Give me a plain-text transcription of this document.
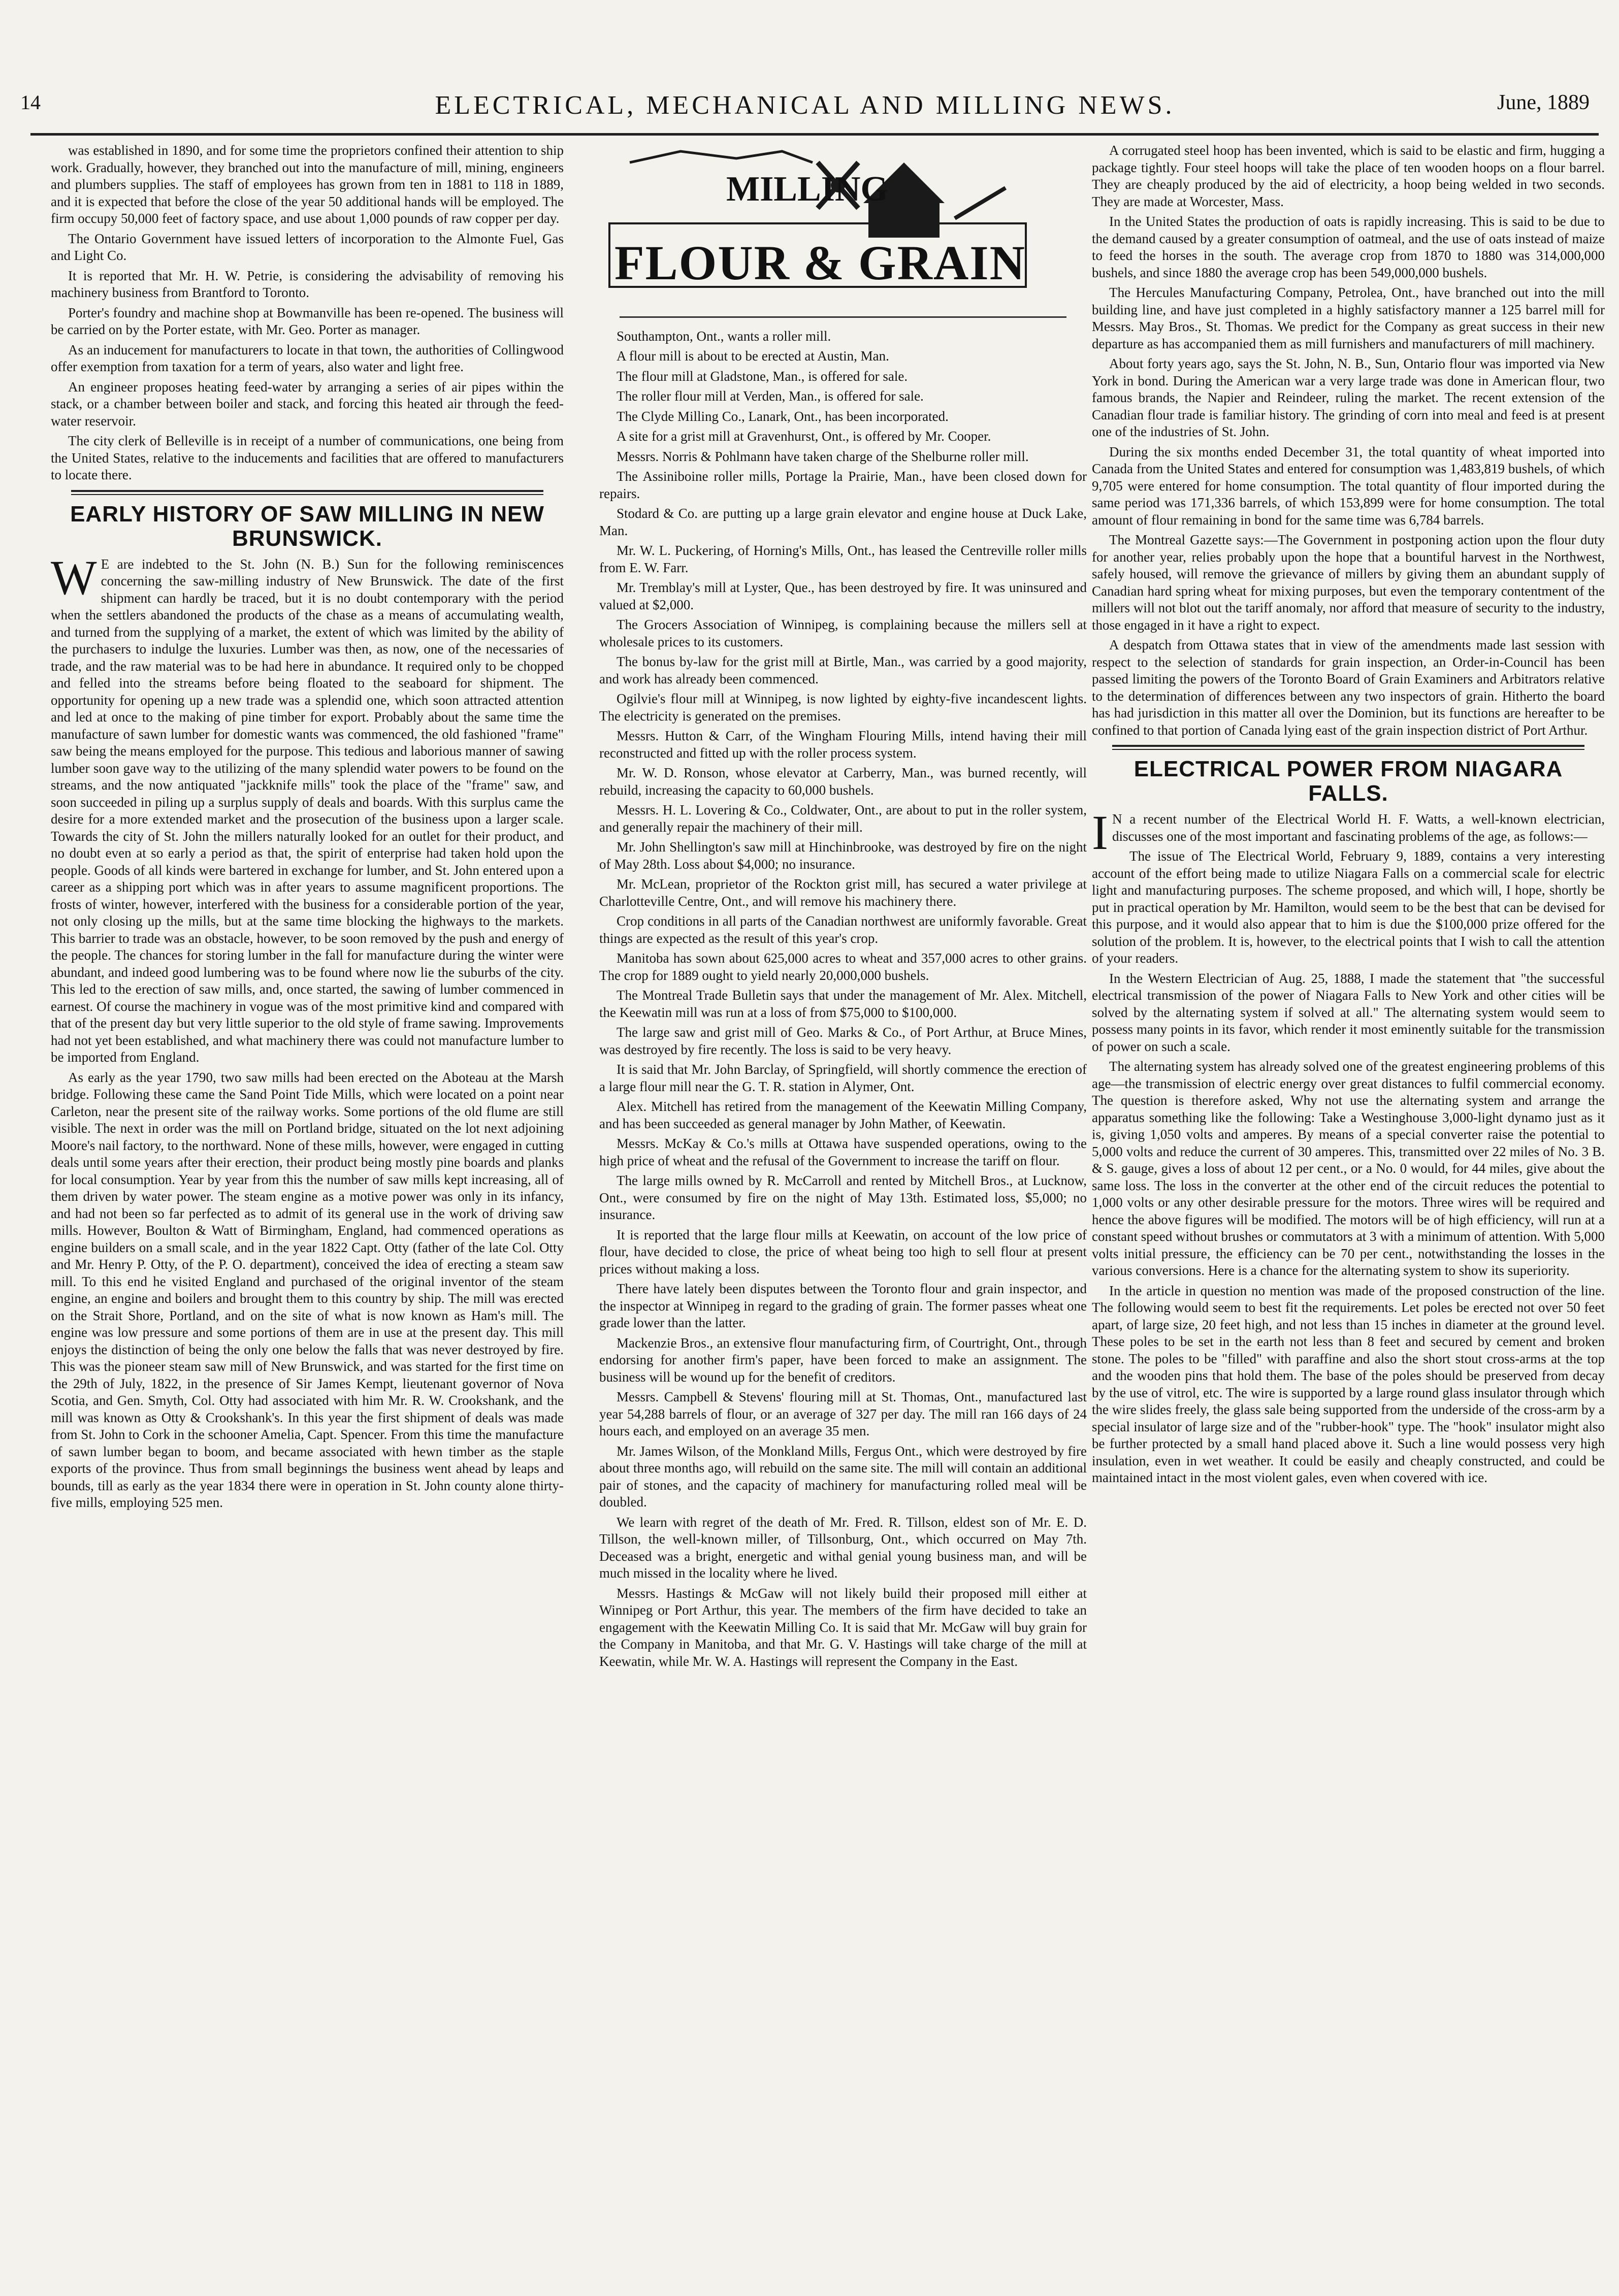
14	ELECTRICAL, MECHANICAL AND MILLING NEWS.	June, 1889

was established in 1890, and for some time the proprietors confined their attention to ship work. Gradually, however, they branched out into the manufacture of mill, mining, engineers and plumbers supplies. The staff of employees has grown from ten in 1881 to 118 in 1889, and it is expected that before the close of the year 50 additional hands will be employed. The firm occupy 50,000 feet of factory space, and use about 1,000 pounds of raw copper per day.

The Ontario Government have issued letters of incorporation to the Almonte Fuel, Gas and Light Co.

It is reported that Mr. H. W. Petrie, is considering the advisability of removing his machinery business from Brantford to Toronto.

Porter's foundry and machine shop at Bowmanville has been re-opened. The business will be carried on by the Porter estate, with Mr. Geo. Porter as manager.

As an inducement for manufacturers to locate in that town, the authorities of Collingwood offer exemption from taxation for a term of years, also water and light free.

An engineer proposes heating feed-water by arranging a series of air pipes within the stack, or a chamber between boiler and stack, and forcing this heated air through the feed-water reservoir.

The city clerk of Belleville is in receipt of a number of communications, one being from the United States, relative to the inducements and facilities that are offered to manufacturers to locate there.

EARLY HISTORY OF SAW MILLING IN NEW BRUNSWICK.

W E are indebted to the St. John (N. B.) Sun for the following reminiscences concerning the saw-milling industry of New Brunswick. The date of the first shipment can hardly be traced, but it is no doubt contemporary with the period when the settlers abandoned the products of the chase as a means of accumulating wealth, and turned from the supplying of a market, the extent of which was limited by the ability of the purchasers to indulge the luxuries. Lumber was then, as now, one of the necessaries of trade, and the raw material was to be had here in abundance. It required only to be chopped and felled into the streams before being floated to the seaboard for shipment. The opportunity for opening up a new trade was a splendid one, which soon attracted attention and led at once to the making of pine timber for export. Probably about the same time the manufacture of sawn lumber for domestic wants was commenced, the old fashioned "frame" saw being the means employed for the purpose. This tedious and laborious manner of sawing lumber soon gave way to the utilizing of the many splendid water powers to be found on the streams, and the now antiquated "jackknife mills" took the place of the "frame" saw, and soon succeeded in piling up a surplus supply of deals and boards. With this surplus came the desire for a more extended market and the prosecution of the business upon a larger scale. Towards the city of St. John the millers naturally looked for an outlet for their product, and no doubt even at so early a period as that, the spirit of enterprise had taken hold upon the people. Goods of all kinds were bartered in exchange for lumber, and St. John entered upon a career as a shipping port which was in after years to assume magnificent proportions. The frosts of winter, however, interfered with the business for a considerable portion of the year, not only closing up the mills, but at the same time blocking the highways to the markets. This barrier to trade was an obstacle, however, to be soon removed by the push and energy of the people. The chances for storing lumber in the fall for manufacture during the winter were abundant, and indeed good lumbering was to be found where now lie the suburbs of the city. This led to the erection of saw mills, and, once started, the sawing of lumber commenced in earnest. Of course the machinery in vogue was of the most primitive kind and compared with that of the present day but very little superior to the old style of frame sawing. Improvements had not yet been established, and what machinery there was could not manufacture lumber to be imported from England.

As early as the year 1790, two saw mills had been erected on the Aboteau at the Marsh bridge. Following these came the Sand Point Tide Mills, which were located on a point near Carleton, near the present site of the railway works. Some portions of the old flume are still visible. The next in order was the mill on Portland bridge, situated on the lot next adjoining Moore's nail factory, to the northward. None of these mills, however, were engaged in cutting deals until some years after their erection, their product being mostly pine boards and planks for local consumption. Year by year from this the number of saw mills kept increasing, all of them driven by water power. The steam engine as a motive power was only in its infancy, and had not been so far perfected as to admit of its general use in the work of driving saw mills. However, Boulton & Watt of Birmingham, England, had commenced operations as engine builders on a small scale, and in the year 1822 Capt. Otty (father of the late Col. Otty and Mr. Henry P. Otty, of the P. O. department), conceived the idea of erecting a steam saw mill. To this end he visited England and purchased of the original inventor of the steam engine, an engine and boilers and brought them to this country by ship. The mill was erected on the Strait Shore, Portland, and on the site of what is now known as Ham's mill. The engine was low pressure and some portions of them are in use at the present day. This mill enjoys the distinction of being the only one below the falls that was never destroyed by fire. This was the pioneer steam saw mill of New Brunswick, and was started for the first time on the 29th of July, 1822, in the presence of Sir James Kempt, lieutenant governor of Nova Scotia, and Gen. Smyth, Col. Otty had associated with him Mr. R. W. Crookshank, and the mill was known as Otty & Crookshank's. In this year the first shipment of deals was made from St. John to Cork in the schooner Amelia, Capt. Spencer. From this time the manufacture of sawn lumber began to boom, and became associated with hewn timber as the staple exports of the province. Thus from small beginnings the business went ahead by leaps and bounds, till as early as the year 1834 there were in operation in St. John county alone thirty-five mills, employing 525 men.

MILLING
FLOUR & GRAIN

Southampton, Ont., wants a roller mill.

A flour mill is about to be erected at Austin, Man.

The flour mill at Gladstone, Man., is offered for sale.

The roller flour mill at Verden, Man., is offered for sale.

The Clyde Milling Co., Lanark, Ont., has been incorporated.

A site for a grist mill at Gravenhurst, Ont., is offered by Mr. Cooper.

Messrs. Norris & Pohlmann have taken charge of the Shelburne roller mill.

The Assiniboine roller mills, Portage la Prairie, Man., have been closed down for repairs.

Stodard & Co. are putting up a large grain elevator and engine house at Duck Lake, Man.

Mr. W. L. Puckering, of Horning's Mills, Ont., has leased the Centreville roller mills from E. W. Farr.

Mr. Tremblay's mill at Lyster, Que., has been destroyed by fire. It was uninsured and valued at $2,000.

The Grocers Association of Winnipeg, is complaining because the millers sell at wholesale prices to its customers.

The bonus by-law for the grist mill at Birtle, Man., was carried by a good majority, and work has already been commenced.

Ogilvie's flour mill at Winnipeg, is now lighted by eighty-five incandescent lights. The electricity is generated on the premises.

Messrs. Hutton & Carr, of the Wingham Flouring Mills, intend having their mill reconstructed and fitted up with the roller process system.

Mr. W. D. Ronson, whose elevator at Carberry, Man., was burned recently, will rebuild, increasing the capacity to 60,000 bushels.

Messrs. H. L. Lovering & Co., Coldwater, Ont., are about to put in the roller system, and generally repair the machinery of their mill.

Mr. John Shellington's saw mill at Hinchinbrooke, was destroyed by fire on the night of May 28th. Loss about $4,000; no insurance.

Mr. McLean, proprietor of the Rockton grist mill, has secured a water privilege at Charlotteville Centre, Ont., and will remove his machinery there.

Crop conditions in all parts of the Canadian northwest are uniformly favorable. Great things are expected as the result of this year's crop.

Manitoba has sown about 625,000 acres to wheat and 357,000 acres to other grains. The crop for 1889 ought to yield nearly 20,000,000 bushels.

The Montreal Trade Bulletin says that under the management of Mr. Alex. Mitchell, the Keewatin mill was run at a loss of from $75,000 to $100,000.

The large saw and grist mill of Geo. Marks & Co., of Port Arthur, at Bruce Mines, was destroyed by fire recently. The loss is said to be very heavy.

It is said that Mr. John Barclay, of Springfield, will shortly commence the erection of a large flour mill near the G. T. R. station in Alymer, Ont.

Alex. Mitchell has retired from the management of the Keewatin Milling Company, and has been succeeded as general manager by John Mather, of Keewatin.

Messrs. McKay & Co.'s mills at Ottawa have suspended operations, owing to the high price of wheat and the refusal of the Government to increase the tariff on flour.

The large mills owned by R. McCarroll and rented by Mitchell Bros., at Lucknow, Ont., were consumed by fire on the night of May 13th. Estimated loss, $5,000; no insurance.

It is reported that the large flour mills at Keewatin, on account of the low price of flour, have decided to close, the price of wheat being too high to sell flour at present prices without making a loss.

There have lately been disputes between the Toronto flour and grain inspector, and the inspector at Winnipeg in regard to the grading of grain. The former passes wheat one grade lower than the latter.

Mackenzie Bros., an extensive flour manufacturing firm, of Courtright, Ont., through endorsing for another firm's paper, have been forced to make an assignment. The business will be wound up for the benefit of creditors.

Messrs. Campbell & Stevens' flouring mill at St. Thomas, Ont., manufactured last year 54,288 barrels of flour, or an average of 327 per day. The mill ran 166 days of 24 hours each, and employed on an average 35 men.

Mr. James Wilson, of the Monkland Mills, Fergus Ont., which were destroyed by fire about three months ago, will rebuild on the same site. The mill will contain an additional pair of stones, and the capacity of machinery for manufacturing rolled meal will be doubled.

We learn with regret of the death of Mr. Fred. R. Tillson, eldest son of Mr. E. D. Tillson, the well-known miller, of Tillsonburg, Ont., which occurred on May 7th. Deceased was a bright, energetic and withal genial young business man, and will be much missed in the locality where he lived.

Messrs. Hastings & McGaw will not likely build their proposed mill either at Winnipeg or Port Arthur, this year. The members of the firm have decided to take an engagement with the Keewatin Milling Co. It is said that Mr. McGaw will buy grain for the Company in Manitoba, and that Mr. G. V. Hastings will take charge of the mill at Keewatin, while Mr. W. A. Hastings will represent the Company in the East.

A corrugated steel hoop has been invented, which is said to be elastic and firm, hugging a package tightly. Four steel hoops will take the place of ten wooden hoops on a flour barrel. They are cheaply produced by the aid of electricity, a hoop being welded in two seconds. They are made at Worcester, Mass.

In the United States the production of oats is rapidly increasing. This is said to be due to the demand caused by a greater consumption of oatmeal, and the use of oats instead of maize to feed the horses in the south. The average crop from 1870 to 1880 was 314,000,000 bushels, and since 1880 the average crop has been 549,000,000 bushels.

The Hercules Manufacturing Company, Petrolea, Ont., have branched out into the mill building line, and have just completed in a highly satisfactory manner a 125 barrel mill for Messrs. May Bros., St. Thomas. We predict for the Company as great success in their new departure as has accompanied them as mill furnishers and manufacturers of mill machinery.

About forty years ago, says the St. John, N. B., Sun, Ontario flour was imported via New York in bond. During the American war a very large trade was done in American flour, two famous brands, the Napier and Reindeer, ruling the market. The recent extension of the Canadian flour trade is familiar history. The grinding of corn into meal and feed is at present one of the industries of St. John.

During the six months ended December 31, the total quantity of wheat imported into Canada from the United States and entered for consumption was 1,483,819 bushels, of which 9,705 were entered for home consumption. The total quantity of flour imported during the same period was 171,336 barrels, of which 153,899 were for home consumption. The total amount of flour remaining in bond for the same time was 6,784 barrels.

The Montreal Gazette says:—The Government in postponing action upon the flour duty for another year, relies probably upon the hope that a bountiful harvest in the Northwest, safely housed, will remove the grievance of millers by giving them an abundant supply of Canadian hard spring wheat for mixing purposes, but even the temporary contentment of the millers will not blot out the tariff anomaly, nor afford that measure of security to the industry, those engaged in it have a right to expect.

A despatch from Ottawa states that in view of the amendments made last session with respect to the selection of standards for grain inspection, an Order-in-Council has been passed limiting the powers of the Toronto Board of Grain Examiners and Arbitrators relative to the determination of differences between any two inspectors of grain. Hitherto the board has had jurisdiction in this matter all over the Dominion, but its functions are hereafter to be confined to that portion of Canada lying east of the grain inspection district of Port Arthur.

ELECTRICAL POWER FROM NIAGARA FALLS.

I N a recent number of the Electrical World H. F. Watts, a well-known electrician, discusses one of the most important and fascinating problems of the age, as follows:—

The issue of The Electrical World, February 9, 1889, contains a very interesting account of the effort being made to utilize Niagara Falls on a commercial scale for electric light and manufacturing purposes. The scheme proposed, and which will, I hope, shortly be put in practical operation by Mr. Hamilton, would seem to be the best that can be devised for this purpose, and it would also appear that to him is due the $100,000 prize offered for the solution of the problem. It is, however, to the electrical points that I wish to call the attention of your readers.

In the Western Electrician of Aug. 25, 1888, I made the statement that "the successful electrical transmission of the power of Niagara Falls to New York and other cities will be solved by the alternating system if solved at all." The alternating system would seem to possess many points in its favor, which render it most eminently suitable for the transmission of power on such a scale.

The alternating system has already solved one of the greatest engineering problems of this age—the transmission of electric energy over great distances to fulfil commercial economy. The question is therefore asked, Why not use the alternating system and arrange the apparatus something like the following: Take a Westinghouse 3,000-light dynamo just as it is, giving 1,050 volts and amperes. By means of a special converter raise the potential to 5,000 volts and reduce the current of 30 amperes. This, transmitted over 22 miles of No. 3 B. & S. gauge, gives a loss of about 12 per cent., or a No. 0 would, for 44 miles, give about the same loss. The loss in the converter at the other end of the circuit reduces the potential to 1,000 volts or any other desirable pressure for the motors. Three wires will be required and hence the above figures will be modified. The motors will be of high efficiency, will run at a constant speed without brushes or commutators at 3 with a minimum of attention. With 5,000 volts initial pressure, the efficiency can be 70 per cent., notwithstanding the losses in the various conversions. Here is a chance for the alternating system to show its superiority.

In the article in question no mention was made of the proposed construction of the line. The following would seem to best fit the requirements. Let poles be erected not over 50 feet apart, of large size, 20 feet high, and not less than 15 inches in diameter at the ground level. These poles to be set in the earth not less than 8 feet and secured by cement and broken stone. The poles to be "filled" with paraffine and also the short stout cross-arms at the top and the wooden pins that hold them. The base of the poles should be preserved from decay by the use of vitrol, etc. The wire is supported by a large round glass insulator through which the wire slides freely, the glass sale being supported from the underside of the cross-arm by a special insulator of large size and of the "rubber-hook" type. The "hook" insulator might also be further protected by a small hand placed above it. Such a line would possess very high insulation, even in wet weather. It could be easily and cheaply constructed, and could be maintained intact in the most violent gales, even when covered with ice.
